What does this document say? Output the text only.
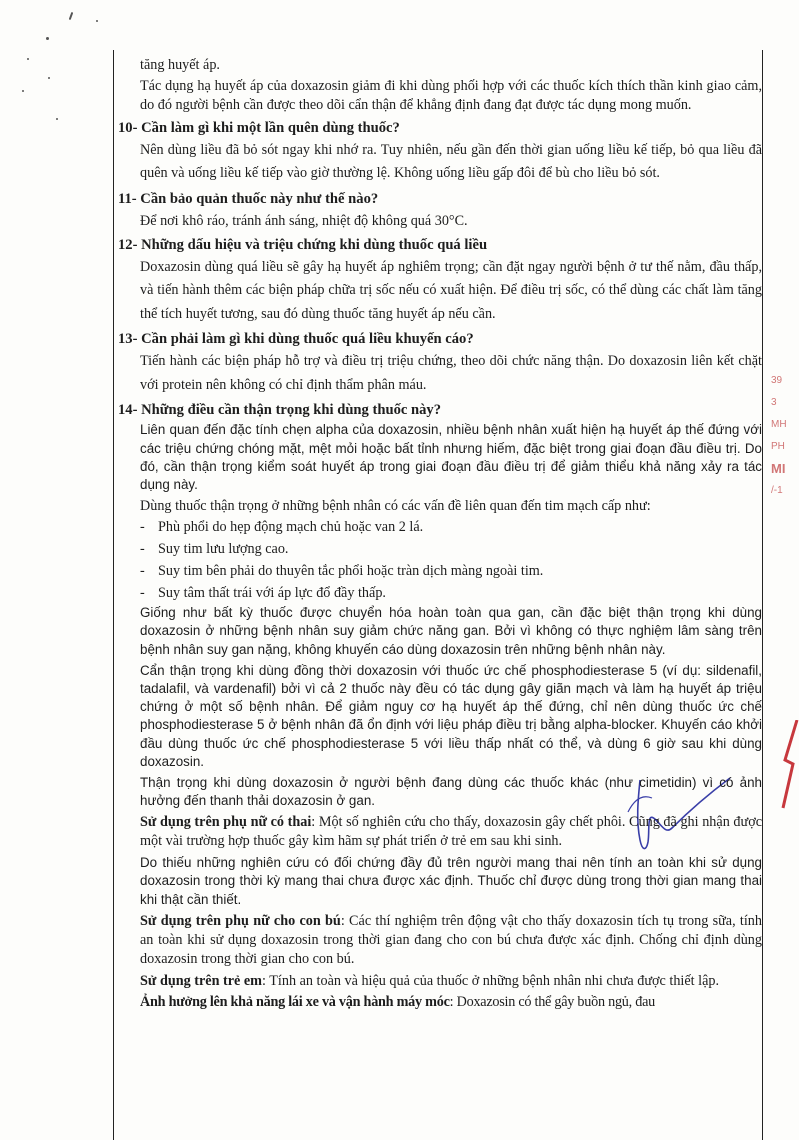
39
3
MH
PH
MI
/-1

tăng huyết áp.

Tác dụng hạ huyết áp của doxazosin giảm đi khi dùng phối hợp với các thuốc kích thích thần kinh giao cảm, do đó người bệnh cần được theo dõi cẩn thận để khẳng định đang đạt được tác dụng mong muốn.

10- Cần làm gì khi một lần quên dùng thuốc?

Nên dùng liều đã bỏ sót ngay khi nhớ ra. Tuy nhiên, nếu gần đến thời gian uống liều kế tiếp, bỏ qua liều đã quên và uống liều kế tiếp vào giờ thường lệ. Không uống liều gấp đôi để bù cho liều bỏ sót.

11- Cần bảo quản thuốc này như thế nào?

Để nơi khô ráo, tránh ánh sáng, nhiệt độ không quá 30°C.

12- Những dấu hiệu và triệu chứng khi dùng thuốc quá liều

Doxazosin dùng quá liều sẽ gây hạ huyết áp nghiêm trọng; cần đặt ngay người bệnh ở tư thế nằm, đầu thấp, và tiến hành thêm các biện pháp chữa trị sốc nếu có xuất hiện. Để điều trị sốc, có thể dùng các chất làm tăng thể tích huyết tương, sau đó dùng thuốc tăng huyết áp nếu cần.

13- Cần phải làm gì khi dùng thuốc quá liều khuyến cáo?

Tiến hành các biện pháp hỗ trợ và điều trị triệu chứng, theo dõi chức năng thận. Do doxazosin liên kết chặt với protein nên không có chỉ định thẩm phân máu.

14- Những điều cần thận trọng khi dùng thuốc này?

Liên quan đến đặc tính chẹn alpha của doxazosin, nhiều bệnh nhân xuất hiện hạ huyết áp thế đứng với các triệu chứng chóng mặt, mệt mỏi hoặc bất tỉnh nhưng hiếm, đặc biệt trong giai đoạn đầu điều trị. Do đó, cần thận trọng kiểm soát huyết áp trong giai đoạn đầu điều trị để giảm thiểu khả năng xảy ra tác dụng này.

Dùng thuốc thận trọng ở những bệnh nhân có các vấn đề liên quan đến tim mạch cấp như:

- Phù phổi do hẹp động mạch chủ hoặc van 2 lá.
- Suy tim lưu lượng cao.
- Suy tim bên phải do thuyên tắc phổi hoặc tràn dịch màng ngoài tim.
- Suy tâm thất trái với áp lực đổ đầy thấp.

Giống như bất kỳ thuốc được chuyển hóa hoàn toàn qua gan, cần đặc biệt thận trọng khi dùng doxazosin ở những bệnh nhân suy giảm chức năng gan. Bởi vì không có thực nghiệm lâm sàng trên bệnh nhân suy gan nặng, không khuyến cáo dùng doxazosin trên những bệnh nhân này.

Cẩn thận trọng khi dùng đồng thời doxazosin với thuốc ức chế phosphodiesterase 5 (ví dụ: sildenafil, tadalafil, và vardenafil) bởi vì cả 2 thuốc này đều có tác dụng gây giãn mạch và làm hạ huyết áp triệu chứng ở một số bệnh nhân. Để giảm nguy cơ hạ huyết áp thế đứng, chỉ nên dùng thuốc ức chế phosphodiesterase 5 ở bệnh nhân đã ổn định với liệu pháp điều trị bằng alpha-blocker. Khuyến cáo khởi đầu dùng thuốc ức chế phosphodiesterase 5 với liều thấp nhất có thể, và dùng 6 giờ sau khi dùng doxazosin.

Thận trọng khi dùng doxazosin ở người bệnh đang dùng các thuốc khác (như cimetidin) vì có ảnh hưởng đến thanh thải doxazosin ở gan.

Sử dụng trên phụ nữ có thai: Một số nghiên cứu cho thấy, doxazosin gây chết phôi. Cũng đã ghi nhận được một vài trường hợp thuốc gây kìm hãm sự phát triển ở trẻ em sau khi sinh.

Do thiếu những nghiên cứu có đối chứng đầy đủ trên người mang thai nên tính an toàn khi sử dụng doxazosin trong thời kỳ mang thai chưa được xác định. Thuốc chỉ được dùng trong thời gian mang thai khi thật cần thiết.

Sử dụng trên phụ nữ cho con bú: Các thí nghiệm trên động vật cho thấy doxazosin tích tụ trong sữa, tính an toàn khi sử dụng doxazosin trong thời gian đang cho con bú chưa được xác định. Chống chỉ định dùng doxazosin trong thời gian cho con bú.

Sử dụng trên trẻ em: Tính an toàn và hiệu quả của thuốc ở những bệnh nhân nhi chưa được thiết lập.

Ảnh hưởng lên khả năng lái xe và vận hành máy móc: Doxazosin có thể gây buồn ngủ, đau
